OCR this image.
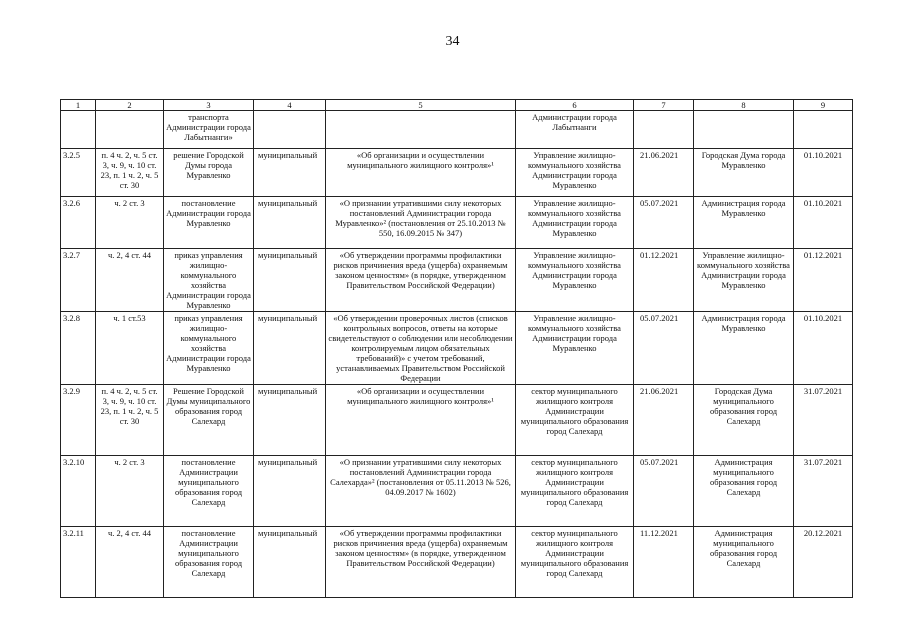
34
1	2	3	4	5	6	7	8	9
		транспорта Администрации города Лабытнанги»			Администрации города Лабытнанги			
3.2.5	п. 4 ч. 2, ч. 5 ст. 3, ч. 9, ч. 10 ст. 23, п. 1 ч. 2, ч. 5 ст. 30	решение Городской Думы города Муравленко	муниципальный	«Об организации и осуществлении муниципального жилищного контроля»¹	Управление жилищно-коммунального хозяйства Администрации города Муравленко	21.06.2021	Городская Дума города Муравленко	01.10.2021
3.2.6	ч. 2 ст. 3	постановление Администрации города Муравленко	муниципальный	«О признании утратившими силу некоторых постановлений Администрации города Муравленко»² (постановления от 25.10.2013 № 550, 16.09.2015 № 347)	Управление жилищно-коммунального хозяйства Администрации города Муравленко	05.07.2021	Администрация города Муравленко	01.10.2021
3.2.7	ч. 2, 4 ст. 44	приказ управления жилищно-коммунального хозяйства Администрации города Муравленко	муниципальный	«Об утверждении программы профилактики рисков причинения вреда (ущерба) охраняемым законом ценностям» (в порядке, утвержденном Правительством Российской Федерации)	Управление жилищно-коммунального хозяйства Администрации города Муравленко	01.12.2021	Управление жилищно-коммунального хозяйства Администрации города Муравленко	01.12.2021
3.2.8	ч. 1 ст.53	приказ управления жилищно-коммунального хозяйства Администрации города Муравленко	муниципальный	«Об утверждении проверочных листов (списков контрольных вопросов, ответы на которые свидетельствуют о соблюдении или несоблюдении контролируемым лицом обязательных требований)» с учетом требований, устанавливаемых Правительством Российской Федерации	Управление жилищно-коммунального хозяйства Администрации города Муравленко	05.07.2021	Администрация города Муравленко	01.10.2021
3.2.9	п. 4 ч. 2, ч. 5 ст. 3, ч. 9, ч. 10 ст. 23, п. 1 ч. 2, ч. 5 ст. 30	Решение Городской Думы муниципального образования город Салехард	муниципальный	«Об организации и осуществлении муниципального жилищного контроля»¹	сектор муниципального жилищного контроля Администрации муниципального образования город Салехард	21.06.2021	Городская Дума муниципального образования город Салехард	31.07.2021
3.2.10	ч. 2 ст. 3	постановление Администрации муниципального образования город Салехард	муниципальный	«О признании утратившими силу некоторых постановлений Администрации города Салехарда»² (постановления от 05.11.2013 № 526, 04.09.2017 № 1602)	сектор муниципального жилищного контроля Администрации муниципального образования город Салехард	05.07.2021	Администрация муниципального образования город Салехард	31.07.2021
3.2.11	ч. 2, 4 ст. 44	постановление Администрации муниципального образования город Салехард	муниципальный	«Об утверждении программы профилактики рисков причинения вреда (ущерба) охраняемым законом ценностям» (в порядке, утвержденном Правительством Российской Федерации)	сектор муниципального жилищного контроля Администрации муниципального образования город Салехард	11.12.2021	Администрация муниципального образования город Салехард	20.12.2021
